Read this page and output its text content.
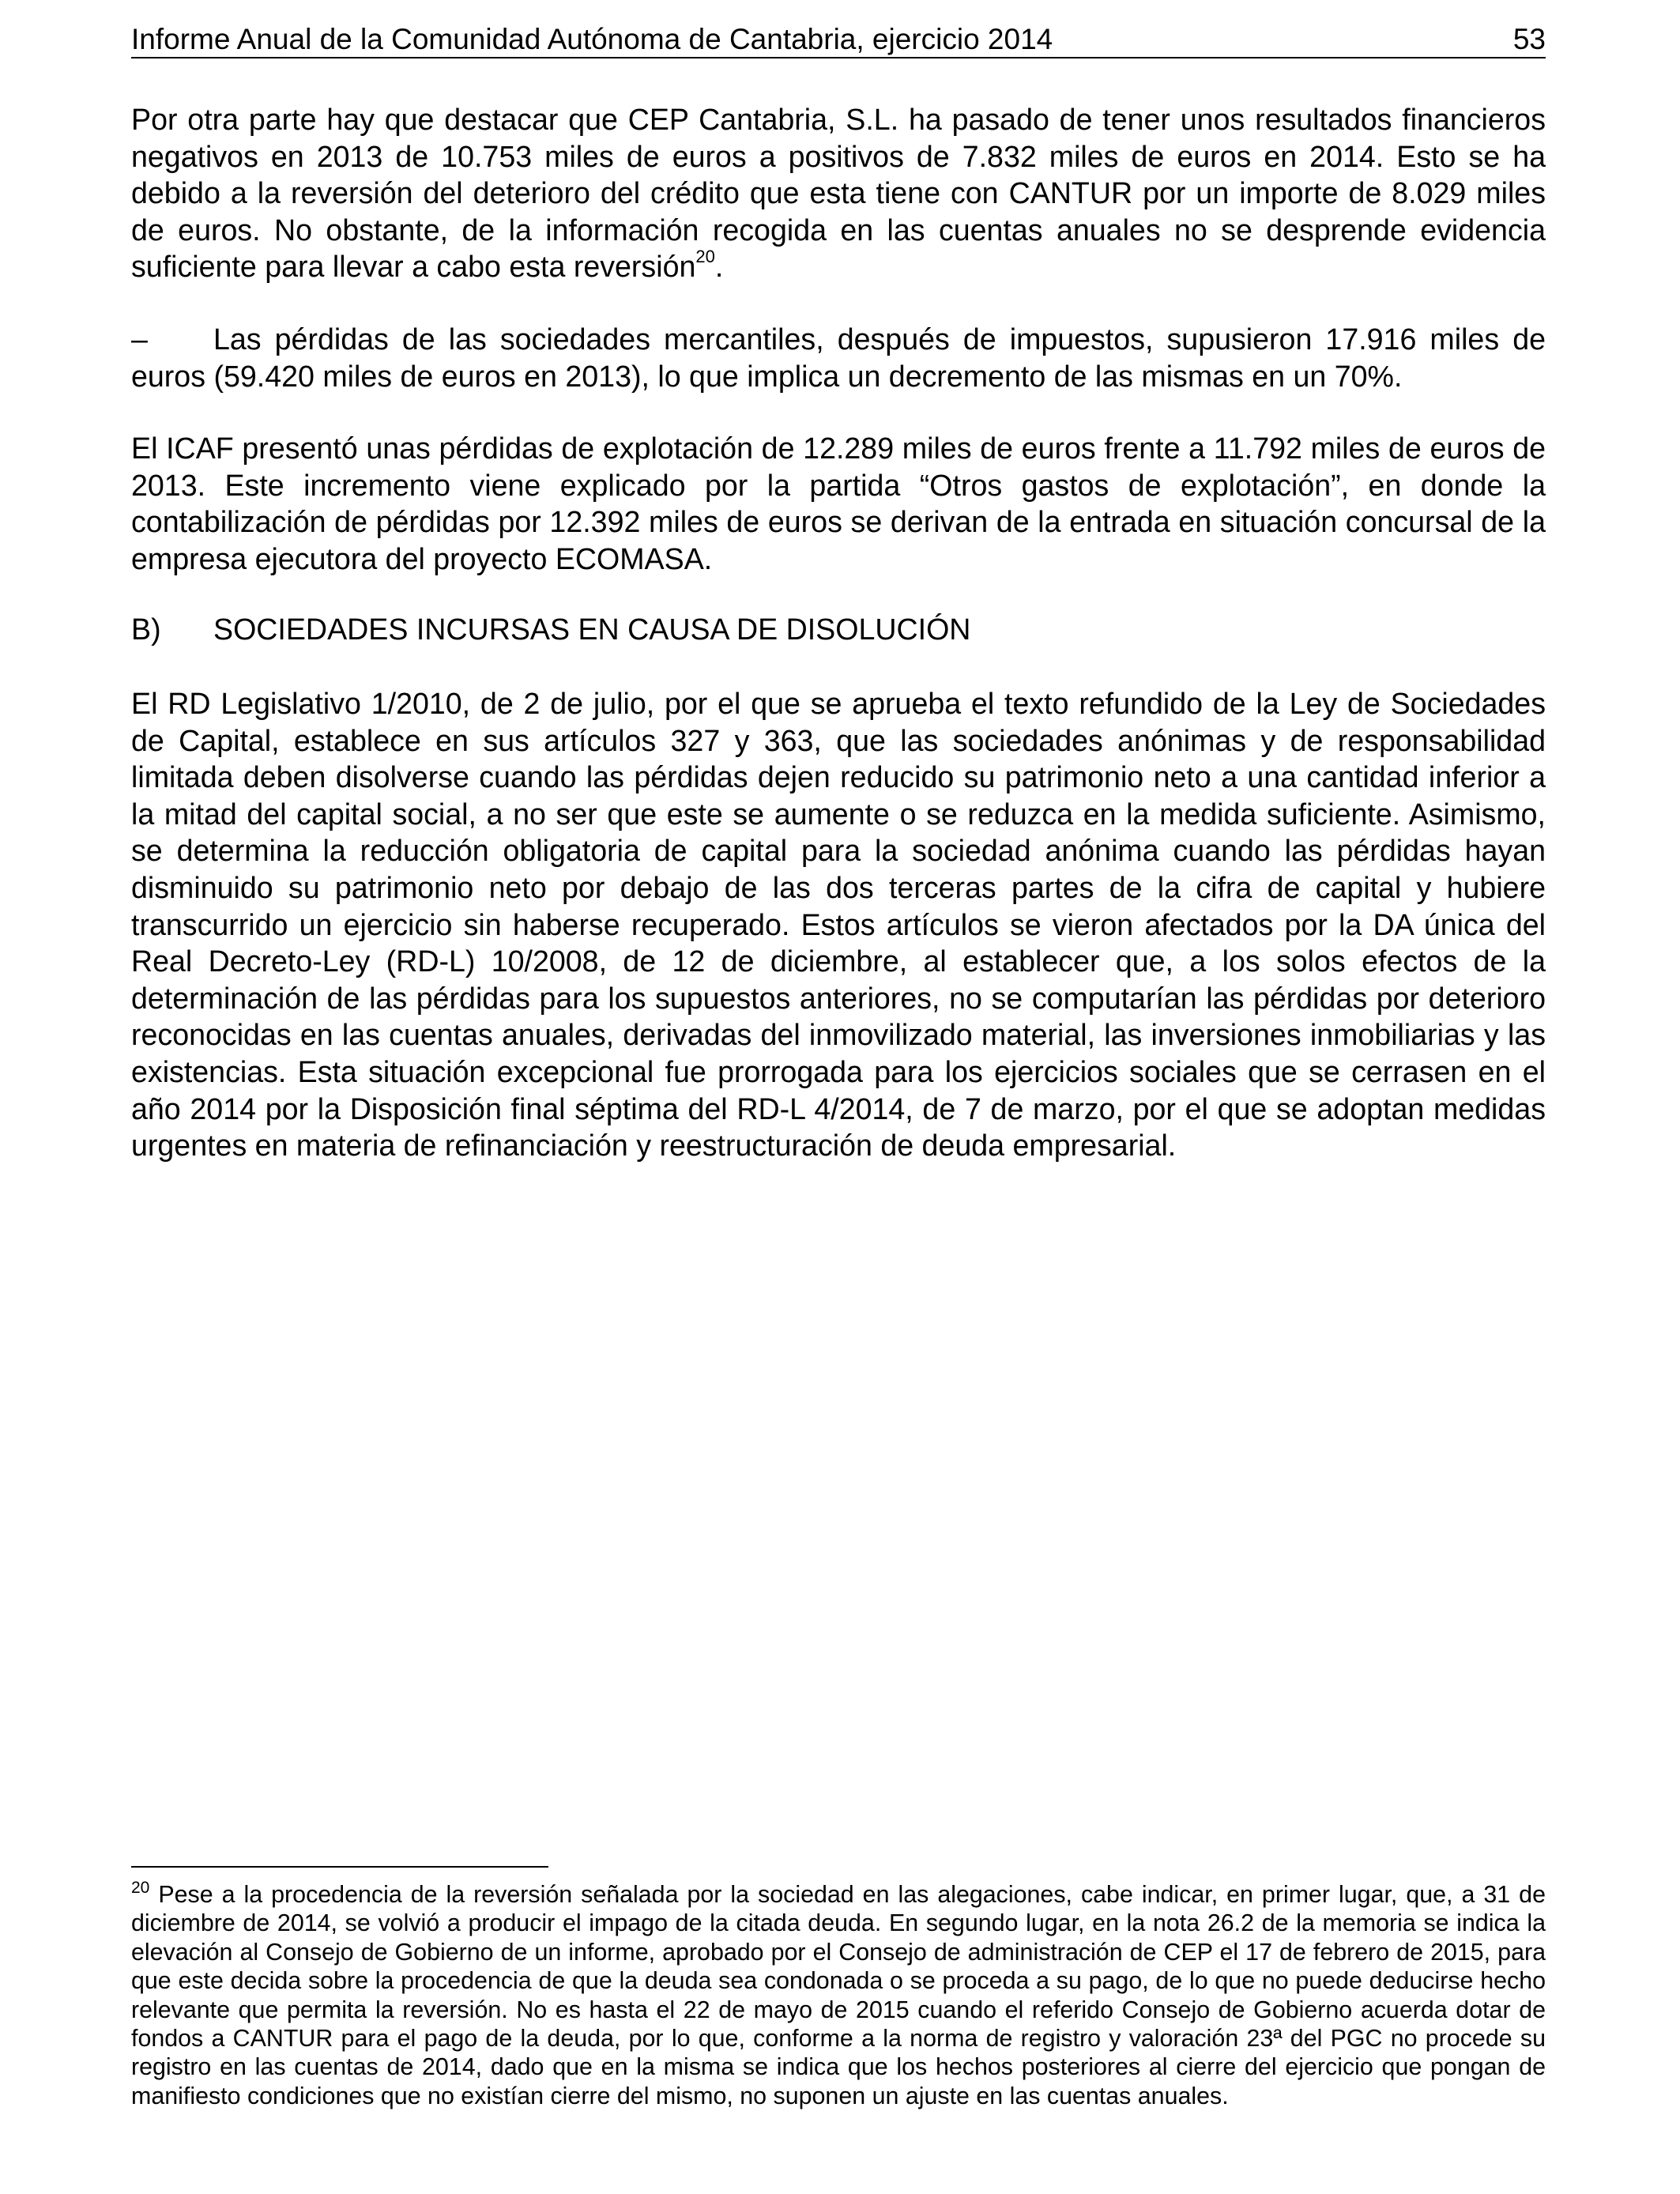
Informe Anual de la Comunidad Autónoma de Cantabria, ejercicio 2014	53

Por otra parte hay que destacar que CEP Cantabria, S.L. ha pasado de tener unos resultados financieros negativos en 2013 de 10.753 miles de euros a positivos de 7.832 miles de euros en 2014. Esto se ha debido a la reversión del deterioro del crédito que esta tiene con CANTUR por un importe de 8.029 miles de euros. No obstante, de la información recogida en las cuentas anuales no se desprende evidencia suficiente para llevar a cabo esta reversión$^{20}$.

– Las pérdidas de las sociedades mercantiles, después de impuestos, supusieron 17.916 miles de euros (59.420 miles de euros en 2013), lo que implica un decremento de las mismas en un 70%.

El ICAF presentó unas pérdidas de explotación de 12.289 miles de euros frente a 11.792 miles de euros de 2013. Este incremento viene explicado por la partida “Otros gastos de explotación”, en donde la contabilización de pérdidas por 12.392 miles de euros se derivan de la entrada en situación concursal de la empresa ejecutora del proyecto ECOMASA.

B) SOCIEDADES INCURSAS EN CAUSA DE DISOLUCIÓN

El RD Legislativo 1/2010, de 2 de julio, por el que se aprueba el texto refundido de la Ley de Sociedades de Capital, establece en sus artículos 327 y 363, que las sociedades anónimas y de responsabilidad limitada deben disolverse cuando las pérdidas dejen reducido su patrimonio neto a una cantidad inferior a la mitad del capital social, a no ser que este se aumente o se reduzca en la medida suficiente. Asimismo, se determina la reducción obligatoria de capital para la sociedad anónima cuando las pérdidas hayan disminuido su patrimonio neto por debajo de las dos terceras partes de la cifra de capital y hubiere transcurrido un ejercicio sin haberse recuperado. Estos artículos se vieron afectados por la DA única del Real Decreto-Ley (RD-L) 10/2008, de 12 de diciembre, al establecer que, a los solos efectos de la determinación de las pérdidas para los supuestos anteriores, no se computarían las pérdidas por deterioro reconocidas en las cuentas anuales, derivadas del inmovilizado material, las inversiones inmobiliarias y las existencias. Esta situación excepcional fue prorrogada para los ejercicios sociales que se cerrasen en el año 2014 por la Disposición final séptima del RD-L 4/2014, de 7 de marzo, por el que se adoptan medidas urgentes en materia de refinanciación y reestructuración de deuda empresarial.

$^{20}$ Pese a la procedencia de la reversión señalada por la sociedad en las alegaciones, cabe indicar, en primer lugar, que, a 31 de diciembre de 2014, se volvió a producir el impago de la citada deuda. En segundo lugar, en la nota 26.2 de la memoria se indica la elevación al Consejo de Gobierno de un informe, aprobado por el Consejo de administración de CEP el 17 de febrero de 2015, para que este decida sobre la procedencia de que la deuda sea condonada o se proceda a su pago, de lo que no puede deducirse hecho relevante que permita la reversión. No es hasta el 22 de mayo de 2015 cuando el referido Consejo de Gobierno acuerda dotar de fondos a CANTUR para el pago de la deuda, por lo que, conforme a la norma de registro y valoración 23ª del PGC no procede su registro en las cuentas de 2014, dado que en la misma se indica que los hechos posteriores al cierre del ejercicio que pongan de manifiesto condiciones que no existían cierre del mismo, no suponen un ajuste en las cuentas anuales.
